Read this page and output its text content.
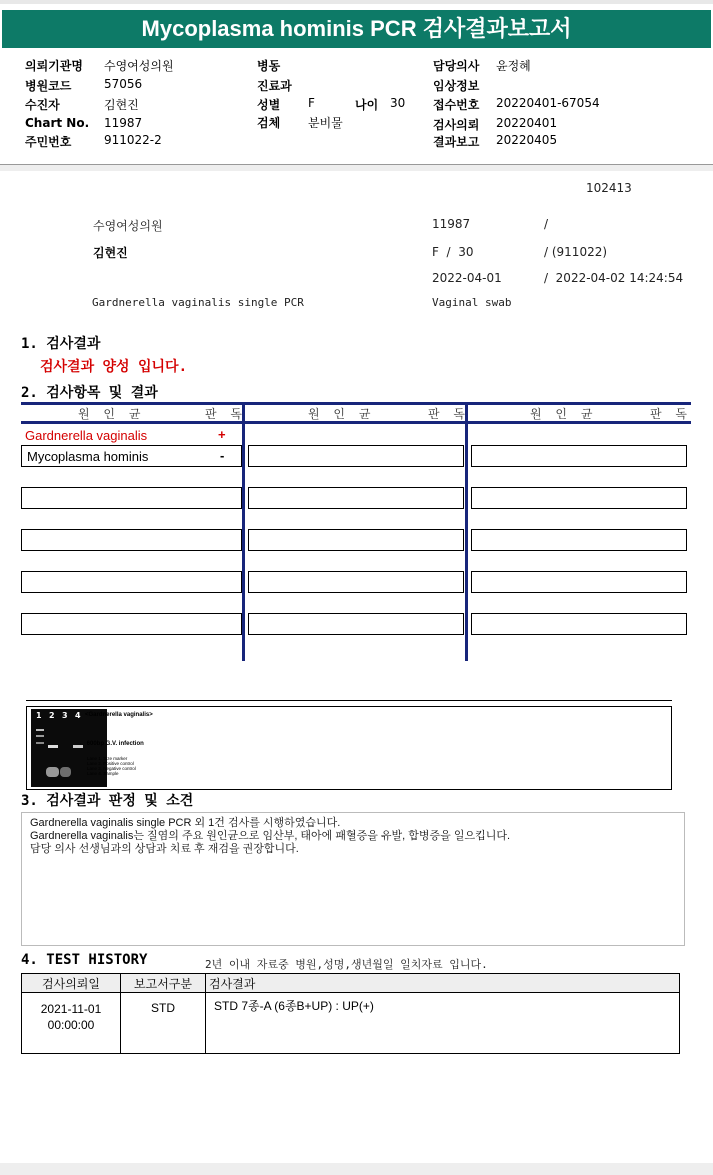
Mycoplasma hominis PCR 검사결과보고서
의뢰기관명 수영여성의원
병원코드	57056
수진자	김현진
Chart No. 11987
주민번호	911022-2
병동
진료과
성별 F	나이 30
검체 분비물
담당의사 윤정혜
임상정보
접수번호 20220401-67054
검사의뢰 20220401
결과보고 20220405
102413
수영여성의원	11987	/
김현진	F  /  30	/ (911022)
2022-04-01	/  2022-04-02 14:24:54
Gardnerella vaginalis single PCR	Vaginal swab
1. 검사결과
검사결과 양성 입니다.
2. 검사항목 및 결과
원 인 균	판 독	원 인 균	판 독	원 인 균	판 독
Gardnerella vaginalis	+
Mycoplasma hominis	-
1 2 3 4 <Gardnerella vaginalis>
← 600bp G.V. infection
Lane 1. Size marker
Lane 2. Positive control
Lane 3. Negative control
Lane 4. Sample
3. 검사결과 판정 및 소견
Gardnerella vaginalis single PCR 외 1건 검사를 시행하였습니다.
Gardnerella vaginalis는 질염의 주요 원인균으로 임산부, 태아에 패혈증을 유발, 합병증을 일으킵니다.
담당 의사 선생님과의 상담과 치료 후 재검을 권장합니다.
4. TEST HISTORY	2년 이내 자료중 병원,성명,생년월일 일치자료 입니다.
검사의뢰일	보고서구분	검사결과

2021-11-01
00:00:00	STD	STD 7종-A (6종B+UP) : UP(+)
